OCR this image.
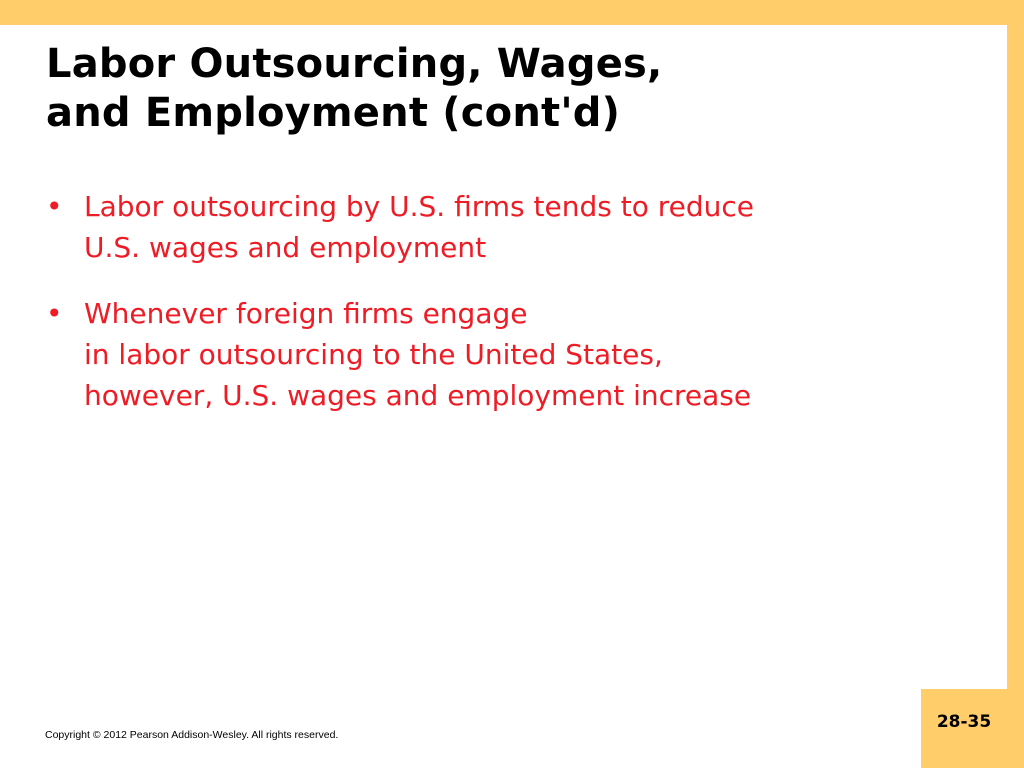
Labor Outsourcing, Wages,
and Employment (cont'd)
• Labor outsourcing by U.S. firms tends to reduce
U.S. wages and employment
• Whenever foreign firms engage
in labor outsourcing to the United States,
however, U.S. wages and employment increase
Copyright © 2012 Pearson Addison-Wesley. All rights reserved.
28-35
